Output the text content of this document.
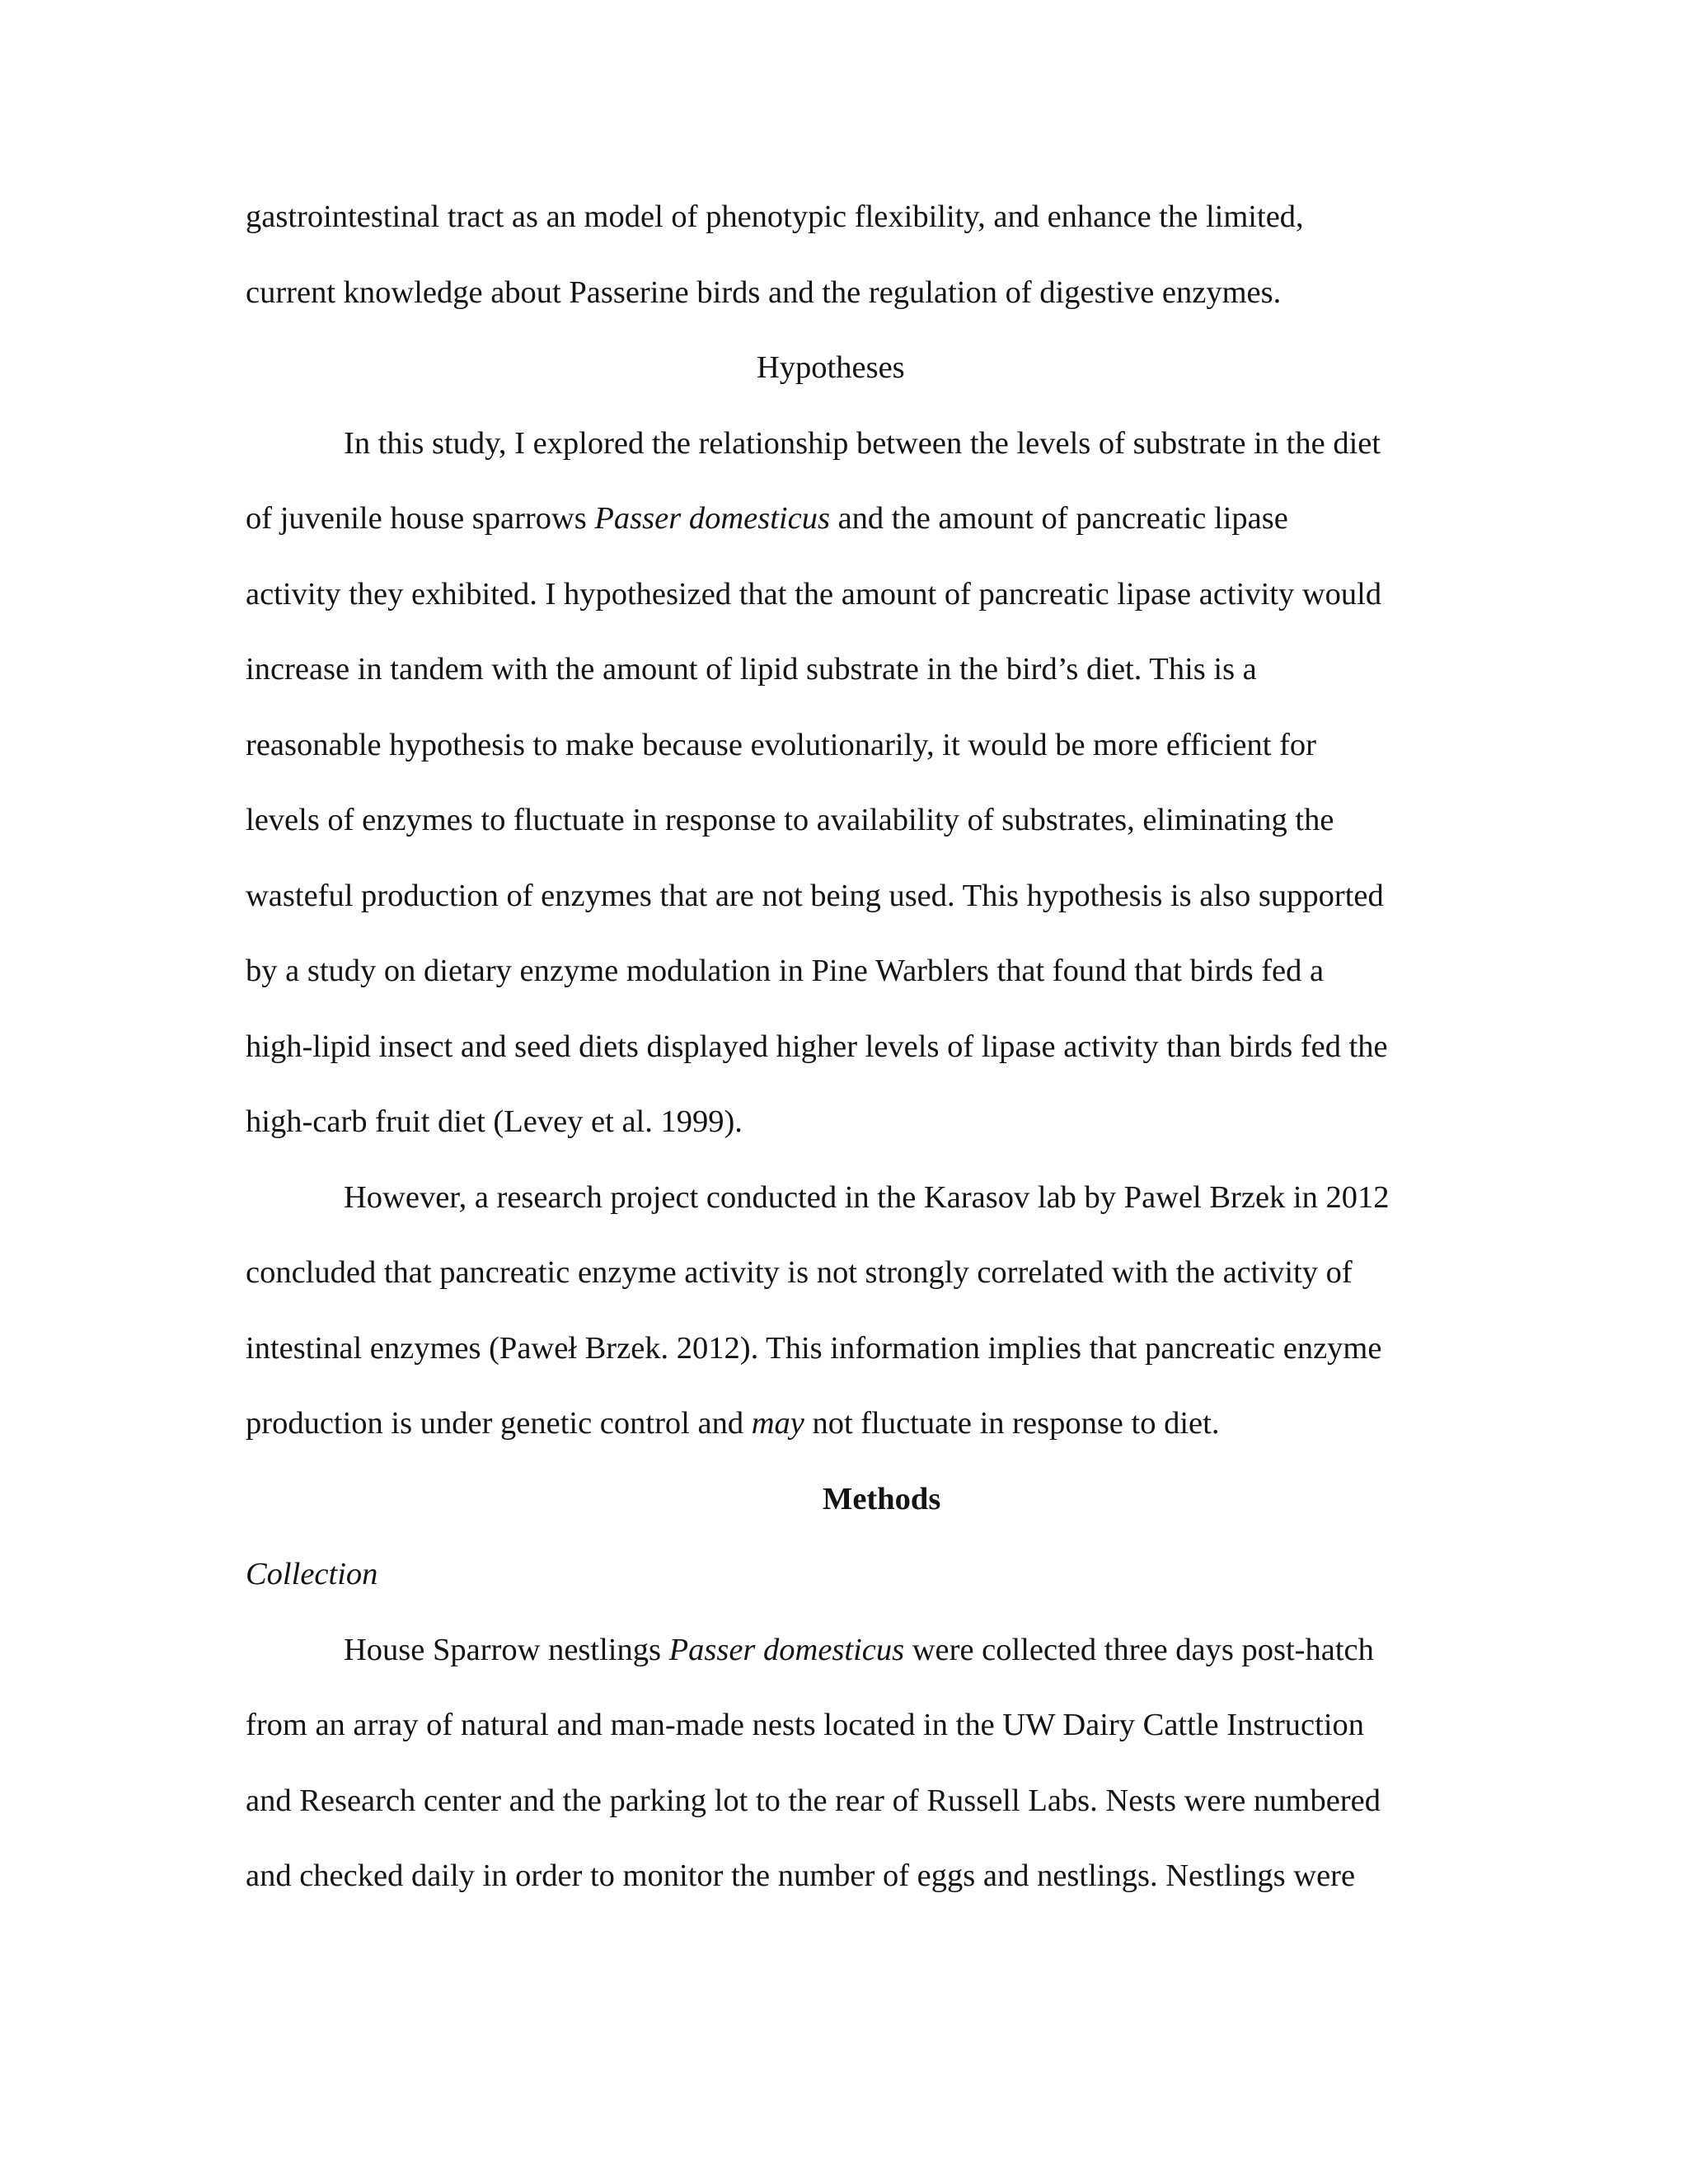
gastrointestinal tract as an model of phenotypic flexibility, and enhance the limited,
current knowledge about Passerine birds and the regulation of digestive enzymes.
Hypotheses
In this study, I explored the relationship between the levels of substrate in the diet
of juvenile house sparrows Passer domesticus and the amount of pancreatic lipase
activity they exhibited. I hypothesized that the amount of pancreatic lipase activity would
increase in tandem with the amount of lipid substrate in the bird’s diet. This is a
reasonable hypothesis to make because evolutionarily, it would be more efficient for
levels of enzymes to fluctuate in response to availability of substrates, eliminating the
wasteful production of enzymes that are not being used. This hypothesis is also supported
by a study on dietary enzyme modulation in Pine Warblers that found that birds fed a
high-lipid insect and seed diets displayed higher levels of lipase activity than birds fed the
high-carb fruit diet (Levey et al. 1999).
However, a research project conducted in the Karasov lab by Pawel Brzek in 2012
concluded that pancreatic enzyme activity is not strongly correlated with the activity of
intestinal enzymes (Paweł Brzek. 2012). This information implies that pancreatic enzyme
production is under genetic control and may not fluctuate in response to diet.
Methods
Collection
House Sparrow nestlings Passer domesticus were collected three days post-hatch
from an array of natural and man-made nests located in the UW Dairy Cattle Instruction
and Research center and the parking lot to the rear of Russell Labs. Nests were numbered
and checked daily in order to monitor the number of eggs and nestlings. Nestlings were
